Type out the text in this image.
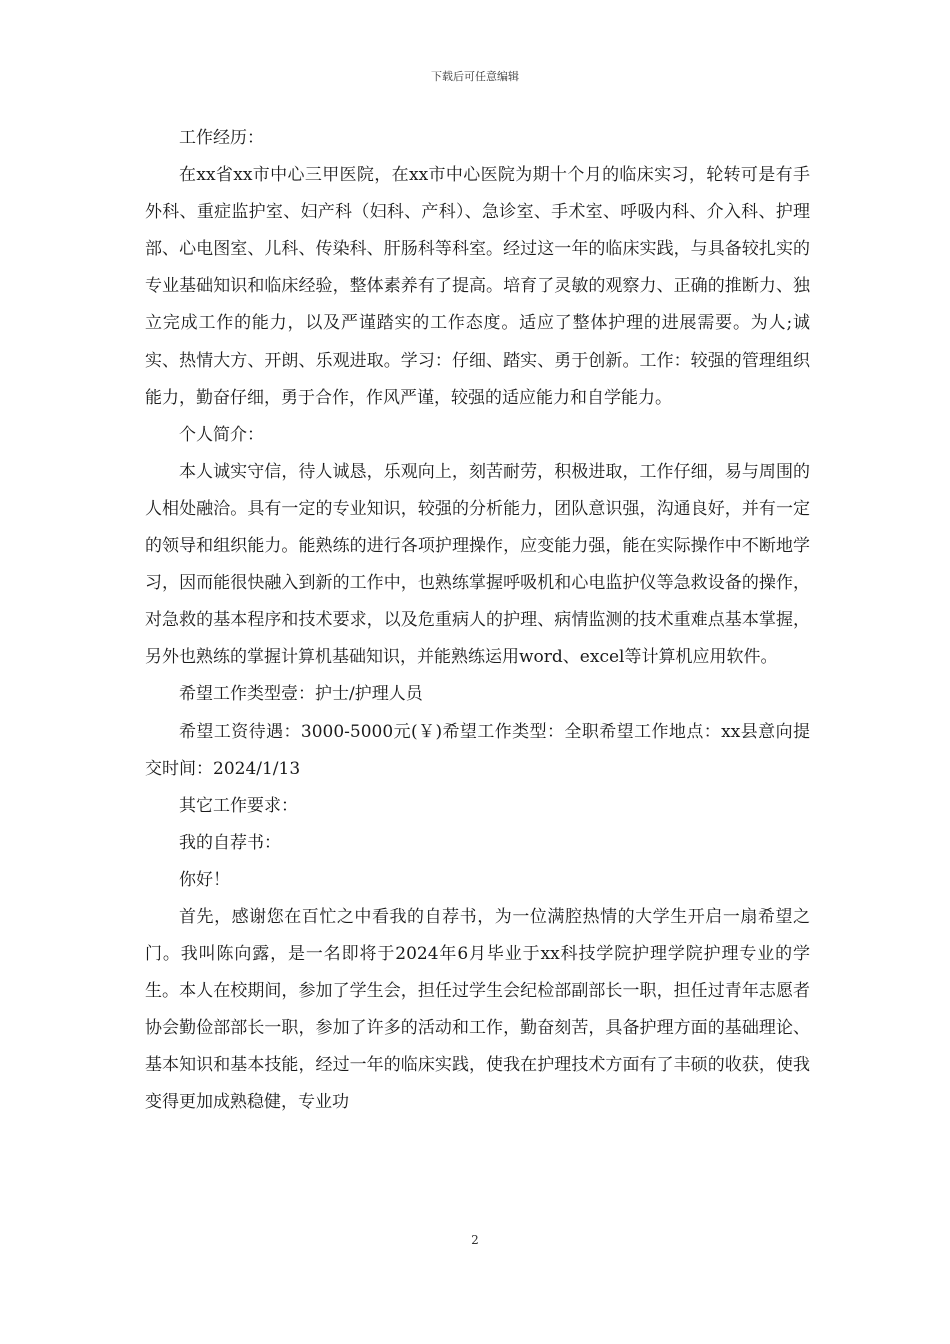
下载后可任意编辑

工作经历：

在xx省xx市中心三甲医院，在xx市中心医院为期十个月的临床实习，轮转可是有手外科、重症监护室、妇产科（妇科、产科）、急诊室、手术室、呼吸内科、介入科、护理部、心电图室、儿科、传染科、肝肠科等科室。经过这一年的临床实践，与具备较扎实的专业基础知识和临床经验，整体素养有了提高。培育了灵敏的观察力、正确的推断力、独立完成工作的能力，以及严谨踏实的工作态度。适应了整体护理的进展需要。为人;诚实、热情大方、开朗、乐观进取。学习：仔细、踏实、勇于创新。工作：较强的管理组织能力，勤奋仔细，勇于合作，作风严谨，较强的适应能力和自学能力。

个人简介：

本人诚实守信，待人诚恳，乐观向上，刻苦耐劳，积极进取，工作仔细，易与周围的人相处融洽。具有一定的专业知识，较强的分析能力，团队意识强，沟通良好，并有一定的领导和组织能力。能熟练的进行各项护理操作，应变能力强，能在实际操作中不断地学习，因而能很快融入到新的工作中，也熟练掌握呼吸机和心电监护仪等急救设备的操作，对急救的基本程序和技术要求，以及危重病人的护理、病情监测的技术重难点基本掌握，另外也熟练的掌握计算机基础知识，并能熟练运用word、excel等计算机应用软件。

希望工作类型壹：护士/护理人员

希望工资待遇：3000-5000元(￥)希望工作类型：全职希望工作地点：xx县意向提交时间：2024/1/13

其它工作要求：

我的自荐书：

你好！

首先，感谢您在百忙之中看我的自荐书，为一位满腔热情的大学生开启一扇希望之门。我叫陈向露，是一名即将于2024年6月毕业于xx科技学院护理学院护理专业的学生。本人在校期间，参加了学生会，担任过学生会纪检部副部长一职，担任过青年志愿者协会勤俭部部长一职，参加了许多的活动和工作，勤奋刻苦，具备护理方面的基础理论、基本知识和基本技能，经过一年的临床实践，使我在护理技术方面有了丰硕的收获，使我变得更加成熟稳健，专业功

2
